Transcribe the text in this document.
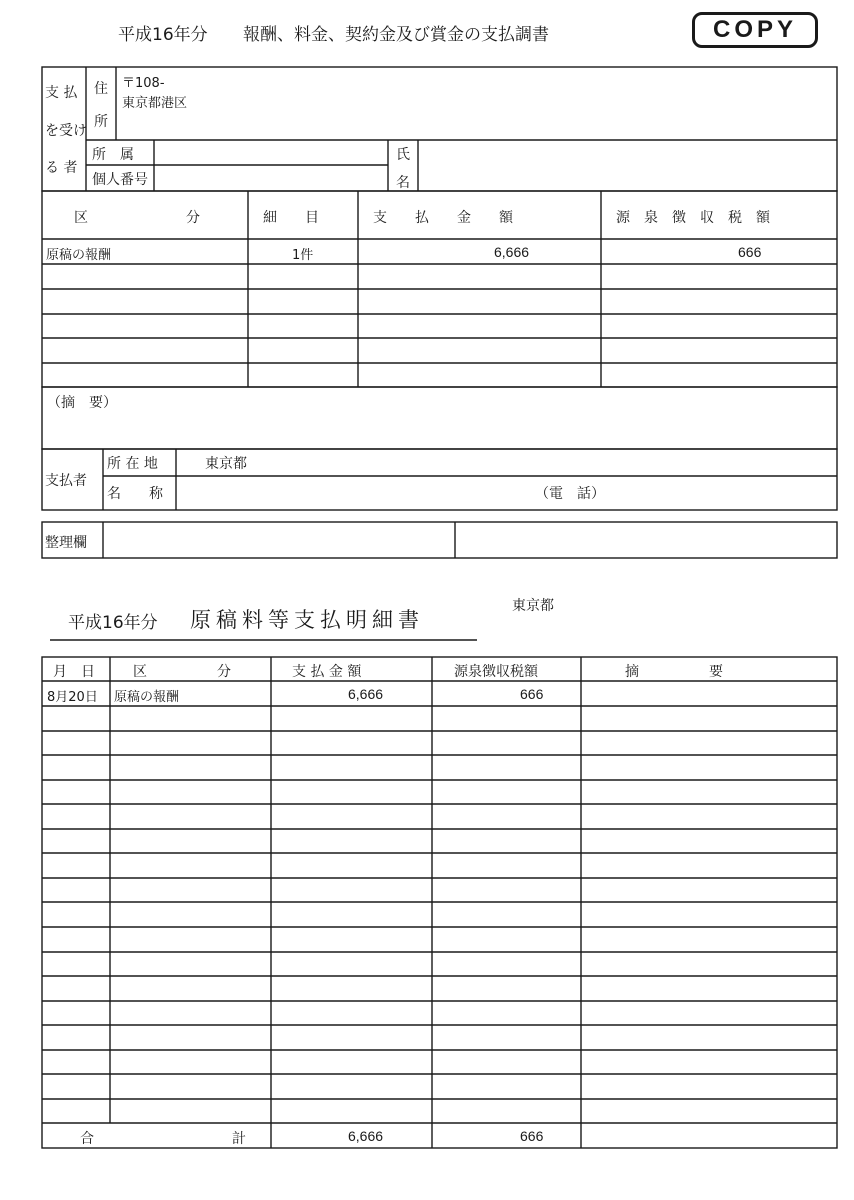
平成16年分 報酬、料金、契約金及び賞金の支払調書	COPY
支 払
を受け
る 者
住
所
〒108-
東京都港区
所　属
個人番号
氏
名
区　　　　　　　分	細　　目	支　　払　　金　　額	源　泉　徴　収　税　額
原稿の報酬	1件	6,666	666
（摘　要）
支払者
所 在 地	東京都
名　　称	（電　話）
整理欄
平成16年分 原稿料等支払明細書
東京都
月　日	区　　　　　分	支 払 金 額	源泉徴収税額	摘　　　　　要
8月20日 原稿の報酬	6,666	666
合	計	6,666	666
